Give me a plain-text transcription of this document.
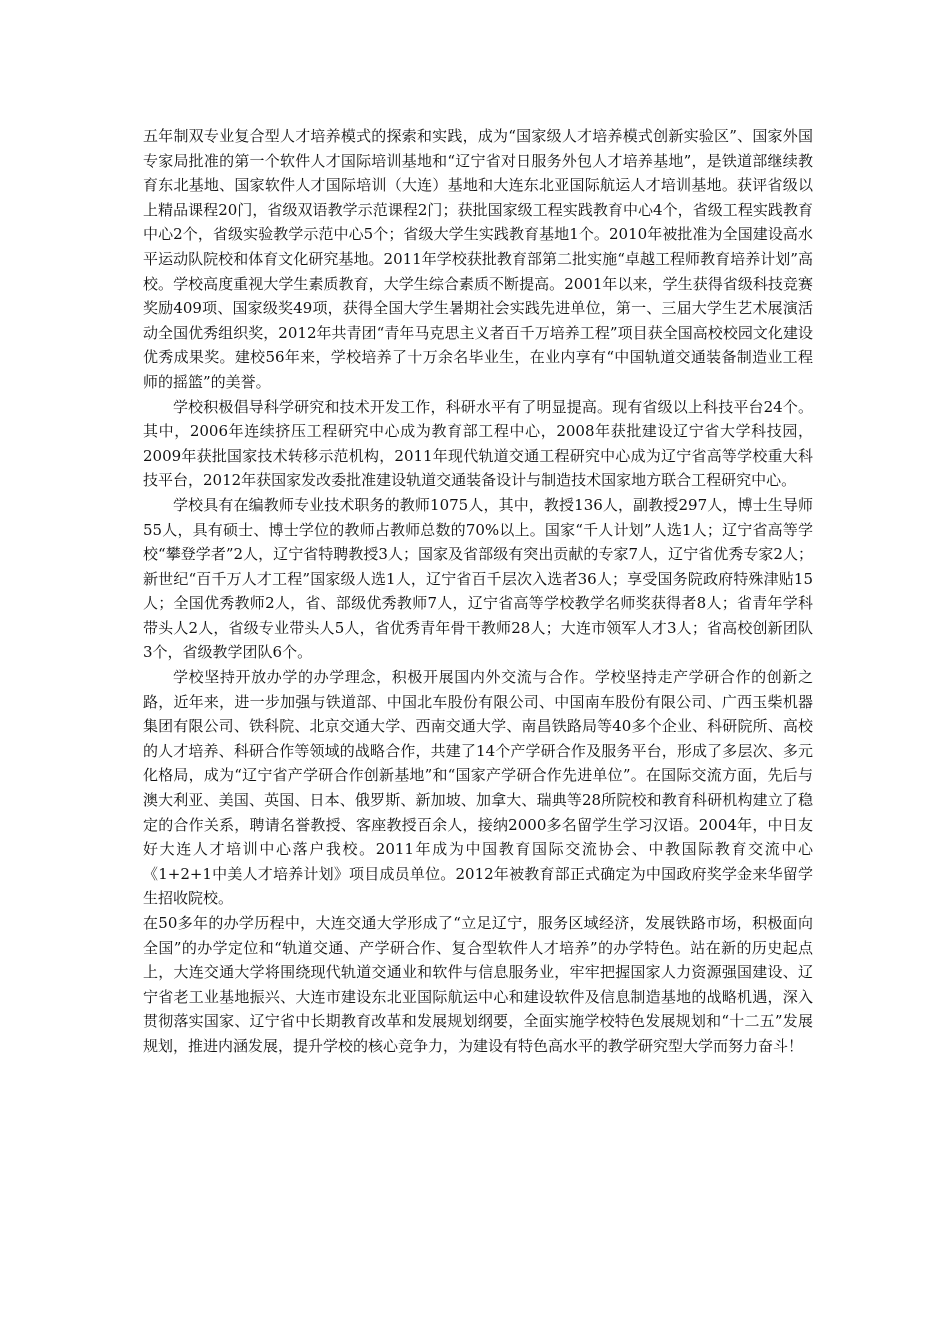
五年制双专业复合型人才培养模式的探索和实践，成为“国家级人才培养模式创新实验区”、国家外国专家局批准的第一个软件人才国际培训基地和“辽宁省对日服务外包人才培养基地”，是铁道部继续教育东北基地、国家软件人才国际培训（大连）基地和大连东北亚国际航运人才培训基地。获评省级以上精品课程20门，省级双语教学示范课程2门；获批国家级工程实践教育中心4个，省级工程实践教育中心2个，省级实验教学示范中心5个；省级大学生实践教育基地1个。2010年被批准为全国建设高水平运动队院校和体育文化研究基地。2011年学校获批教育部第二批实施“卓越工程师教育培养计划”高校。学校高度重视大学生素质教育，大学生综合素质不断提高。2001年以来，学生获得省级科技竞赛奖励409项、国家级奖49项，获得全国大学生暑期社会实践先进单位，第一、三届大学生艺术展演活动全国优秀组织奖，2012年共青团“青年马克思主义者百千万培养工程”项目获全国高校校园文化建设优秀成果奖。建校56年来，学校培养了十万余名毕业生，在业内享有“中国轨道交通装备制造业工程师的摇篮”的美誉。

学校积极倡导科学研究和技术开发工作，科研水平有了明显提高。现有省级以上科技平台24个。其中，2006年连续挤压工程研究中心成为教育部工程中心，2008年获批建设辽宁省大学科技园，2009年获批国家技术转移示范机构，2011年现代轨道交通工程研究中心成为辽宁省高等学校重大科技平台，2012年获国家发改委批准建设轨道交通装备设计与制造技术国家地方联合工程研究中心。

学校具有在编教师专业技术职务的教师1075人，其中，教授136人，副教授297人，博士生导师55人，具有硕士、博士学位的教师占教师总数的70%以上。国家“千人计划”人选1人；辽宁省高等学校“攀登学者”2人，辽宁省特聘教授3人；国家及省部级有突出贡献的专家7人，辽宁省优秀专家2人；新世纪“百千万人才工程”国家级人选1人，辽宁省百千层次入选者36人；享受国务院政府特殊津贴15人；全国优秀教师2人，省、部级优秀教师7人，辽宁省高等学校教学名师奖获得者8人；省青年学科带头人2人，省级专业带头人5人，省优秀青年骨干教师28人；大连市领军人才3人；省高校创新团队3个，省级教学团队6个。

学校坚持开放办学的办学理念，积极开展国内外交流与合作。学校坚持走产学研合作的创新之路，近年来，进一步加强与铁道部、中国北车股份有限公司、中国南车股份有限公司、广西玉柴机器集团有限公司、铁科院、北京交通大学、西南交通大学、南昌铁路局等40多个企业、科研院所、高校的人才培养、科研合作等领域的战略合作，共建了14个产学研合作及服务平台，形成了多层次、多元化格局，成为“辽宁省产学研合作创新基地”和“国家产学研合作先进单位”。在国际交流方面，先后与澳大利亚、美国、英国、日本、俄罗斯、新加坡、加拿大、瑞典等28所院校和教育科研机构建立了稳定的合作关系，聘请名誉教授、客座教授百余人，接纳2000多名留学生学习汉语。2004年，中日友好大连人才培训中心落户我校。2011年成为中国教育国际交流协会、中教国际教育交流中心《1+2+1中美人才培养计划》项目成员单位。2012年被教育部正式确定为中国政府奖学金来华留学生招收院校。

在50多年的办学历程中，大连交通大学形成了“立足辽宁，服务区域经济，发展铁路市场，积极面向全国”的办学定位和“轨道交通、产学研合作、复合型软件人才培养”的办学特色。站在新的历史起点上，大连交通大学将围绕现代轨道交通业和软件与信息服务业，牢牢把握国家人力资源强国建设、辽宁省老工业基地振兴、大连市建设东北亚国际航运中心和建设软件及信息制造基地的战略机遇，深入贯彻落实国家、辽宁省中长期教育改革和发展规划纲要，全面实施学校特色发展规划和“十二五”发展规划，推进内涵发展，提升学校的核心竞争力，为建设有特色高水平的教学研究型大学而努力奋斗！
